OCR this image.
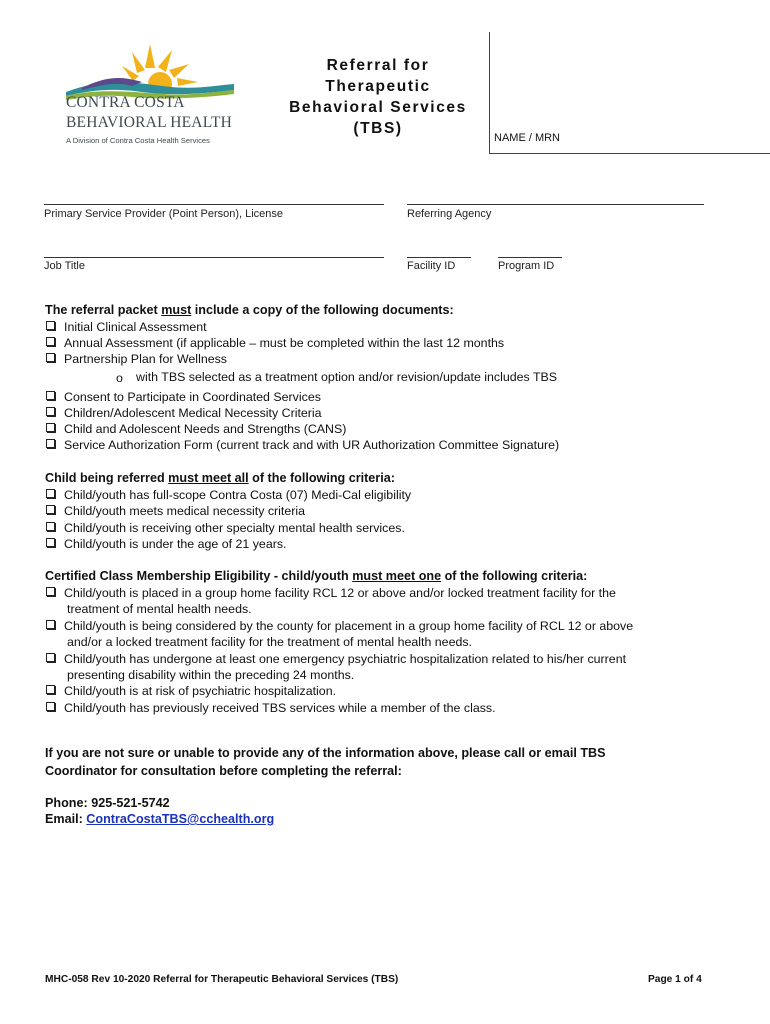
CONTRA COSTA
BEHAVIORAL HEALTH
A Division of Contra Costa Health Services
Referral for
Therapeutic
Behavioral Services
(TBS)
NAME / MRN
Primary Service Provider (Point Person), License	Referring Agency
Job Title	Facility ID	Program ID
The referral packet must include a copy of the following documents:
Initial Clinical Assessment
Annual Assessment (if applicable – must be completed within the last 12 months
Partnership Plan for Wellness
o with TBS selected as a treatment option and/or revision/update includes TBS
Consent to Participate in Coordinated Services
Children/Adolescent Medical Necessity Criteria
Child and Adolescent Needs and Strengths (CANS)
Service Authorization Form (current track and with UR Authorization Committee Signature)
Child being referred must meet all of the following criteria:
Child/youth has full-scope Contra Costa (07) Medi-Cal eligibility
Child/youth meets medical necessity criteria
Child/youth is receiving other specialty mental health services.
Child/youth is under the age of 21 years.
Certified Class Membership Eligibility - child/youth must meet one of the following criteria:
Child/youth is placed in a group home facility RCL 12 or above and/or locked treatment facility for the
treatment of mental health needs.
Child/youth is being considered by the county for placement in a group home facility of RCL 12 or above
and/or a locked treatment facility for the treatment of mental health needs.
Child/youth has undergone at least one emergency psychiatric hospitalization related to his/her current
presenting disability within the preceding 24 months.
Child/youth is at risk of psychiatric hospitalization.
Child/youth has previously received TBS services while a member of the class.
If you are not sure or unable to provide any of the information above, please call or email TBS
Coordinator for consultation before completing the referral:
Phone: 925-521-5742
Email: ContraCostaTBS@cchealth.org
MHC-058 Rev 10-2020 Referral for Therapeutic Behavioral Services (TBS)	Page 1 of 4
